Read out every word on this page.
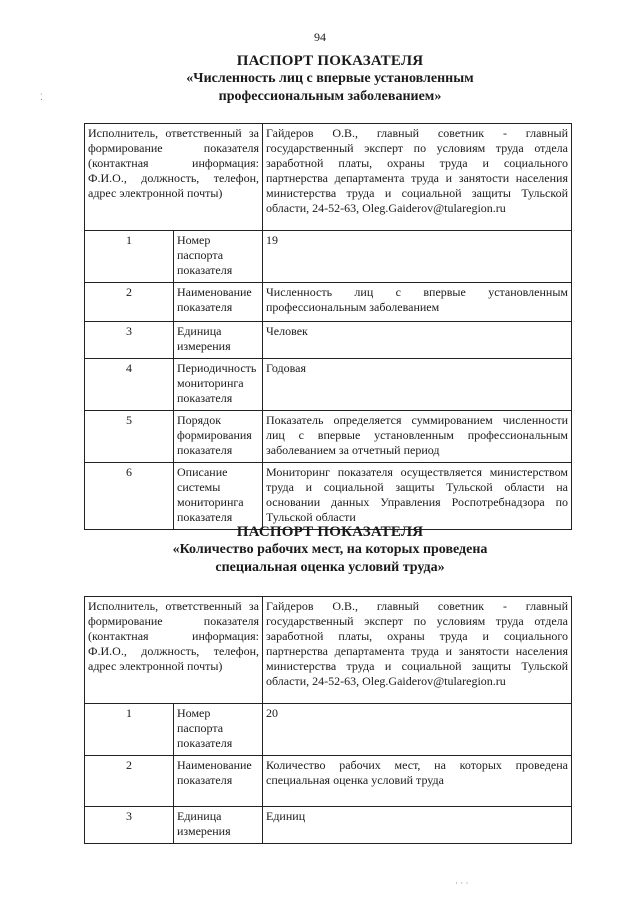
94
ПАСПОРТ ПОКАЗАТЕЛЯ
«Численность лиц с впервые установленным
профессиональным заболеванием»
Исполнитель, ответственный за формирование показателя (контактная информация: Ф.И.О., должность, телефон, адрес электронной почты)		Гайдеров О.В., главный советник - главный государственный эксперт по условиям труда отдела заработной платы, охраны труда и социального партнерства департамента труда и занятости населения министерства труда и социальной защиты Тульской области, 24-52-63, Oleg.Gaiderov@tularegion.ru
1	Номер паспорта показателя	19
2	Наименование показателя	Численность лиц с впервые установленным профессиональным заболеванием
3	Единица измерения	Человек
4	Периодичность мониторинга показателя	Годовая
5	Порядок формирования показателя	Показатель определяется суммированием численности лиц с впервые установленным профессиональным заболеванием за отчетный период
6	Описание системы мониторинга показателя	Мониторинг показателя осуществляется министерством труда и социальной защиты Тульской области на основании данных Управления Роспотребнадзора по Тульской области
ПАСПОРТ ПОКАЗАТЕЛЯ
«Количество рабочих мест, на которых проведена
специальная оценка условий труда»
Исполнитель, ответственный за формирование показателя (контактная информация: Ф.И.О., должность, телефон, адрес электронной почты)		Гайдеров О.В., главный советник - главный государственный эксперт по условиям труда отдела заработной платы, охраны труда и социального партнерства департамента труда и занятости населения министерства труда и социальной защиты Тульской области, 24-52-63, Oleg.Gaiderov@tularegion.ru
1	Номер паспорта показателя	20
2	Наименование показателя	Количество рабочих мест, на которых проведена специальная оценка условий труда
3	Единица измерения	Единиц
⁚
· · ·
